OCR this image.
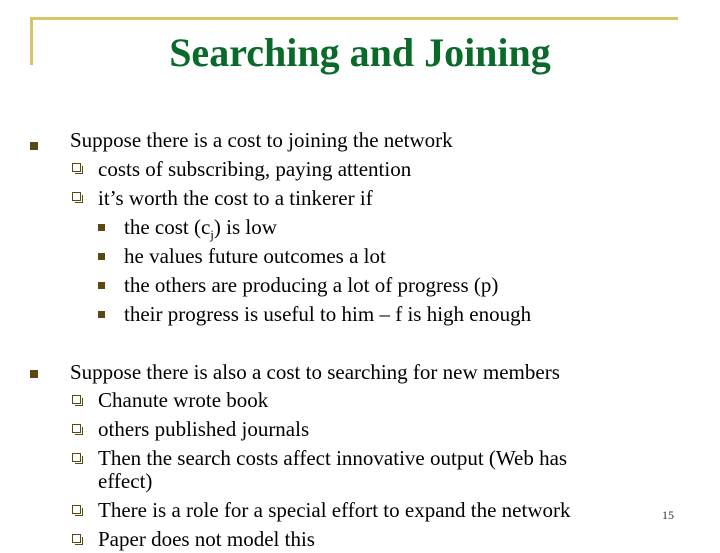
Searching and Joining
Suppose there is a cost to joining the network
costs of subscribing, paying attention
it’s worth the cost to a tinkerer if
the cost $(c_j)$ is low
he values future outcomes a lot
the others are producing a lot of progress (p)
their progress is useful to him – f is high enough
Suppose there is also a cost to searching for new members
Chanute wrote book
others published journals
Then the search costs affect innovative output (Web has
effect)
There is a role for a special effort to expand the network
Paper does not model this
15
